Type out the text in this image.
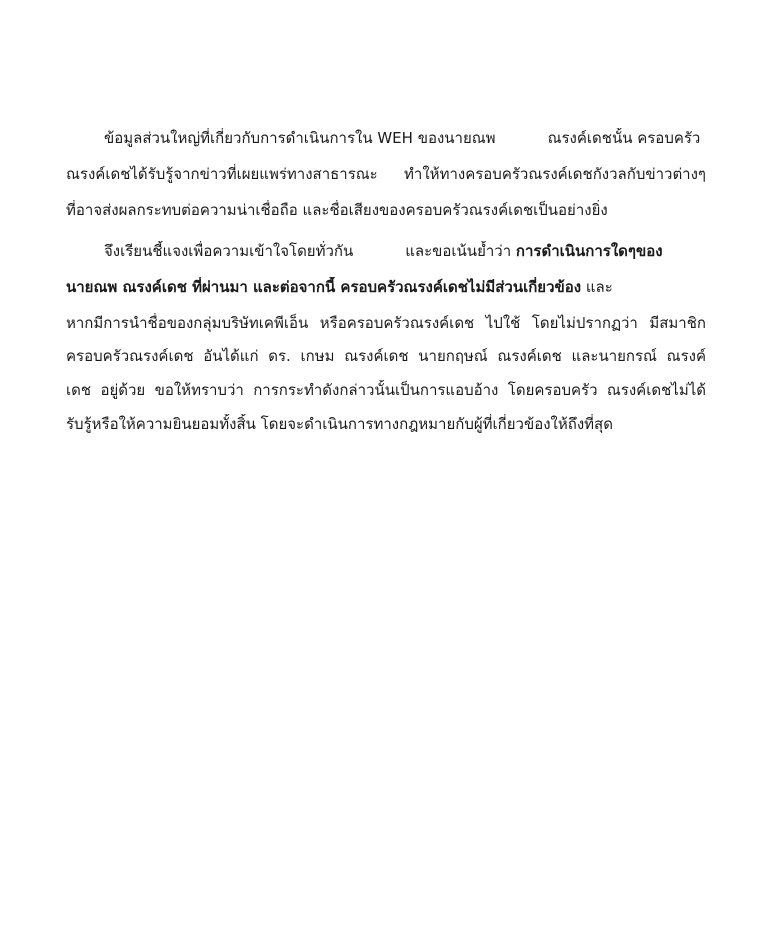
ข้อมูลส่วนใหญ่ที่เกี่ยวกับการดำเนินการใน WEH ของนายณพ	ณรงค์เดชนั้น ครอบครัว
ณรงค์เดชได้รับรู้จากข่าวที่เผยแพร่ทางสาธารณะ ทำให้ทางครอบครัวณรงค์เดชกังวลกับข่าวต่างๆ
ที่อาจส่งผลกระทบต่อความน่าเชื่อถือ และชื่อเสียงของครอบครัวณรงค์เดชเป็นอย่างยิ่ง
จึงเรียนชี้แจงเพื่อความเข้าใจโดยทั่วกัน	และขอเน้นย้ำว่า การดำเนินการใดๆของ
นายณพ ณรงค์เดช ที่ผ่านมา และต่อจากนี้ ครอบครัวณรงค์เดชไม่มีส่วนเกี่ยวข้อง และ
หากมีการนำชื่อของกลุ่มบริษัทเคพีเอ็น หรือครอบครัวณรงค์เดช ไปใช้ โดยไม่ปรากฏว่า มีสมาชิก
ครอบครัวณรงค์เดช อันได้แก่ ดร. เกษม ณรงค์เดช นายกฤษณ์ ณรงค์เดช และนายกรณ์ ณรงค์
เดช อยู่ด้วย ขอให้ทราบว่า การกระทำดังกล่าวนั้นเป็นการแอบอ้าง โดยครอบครัว ณรงค์เดชไม่ได้
รับรู้หรือให้ความยินยอมทั้งสิ้น โดยจะดำเนินการทางกฎหมายกับผู้ที่เกี่ยวข้องให้ถึงที่สุด
